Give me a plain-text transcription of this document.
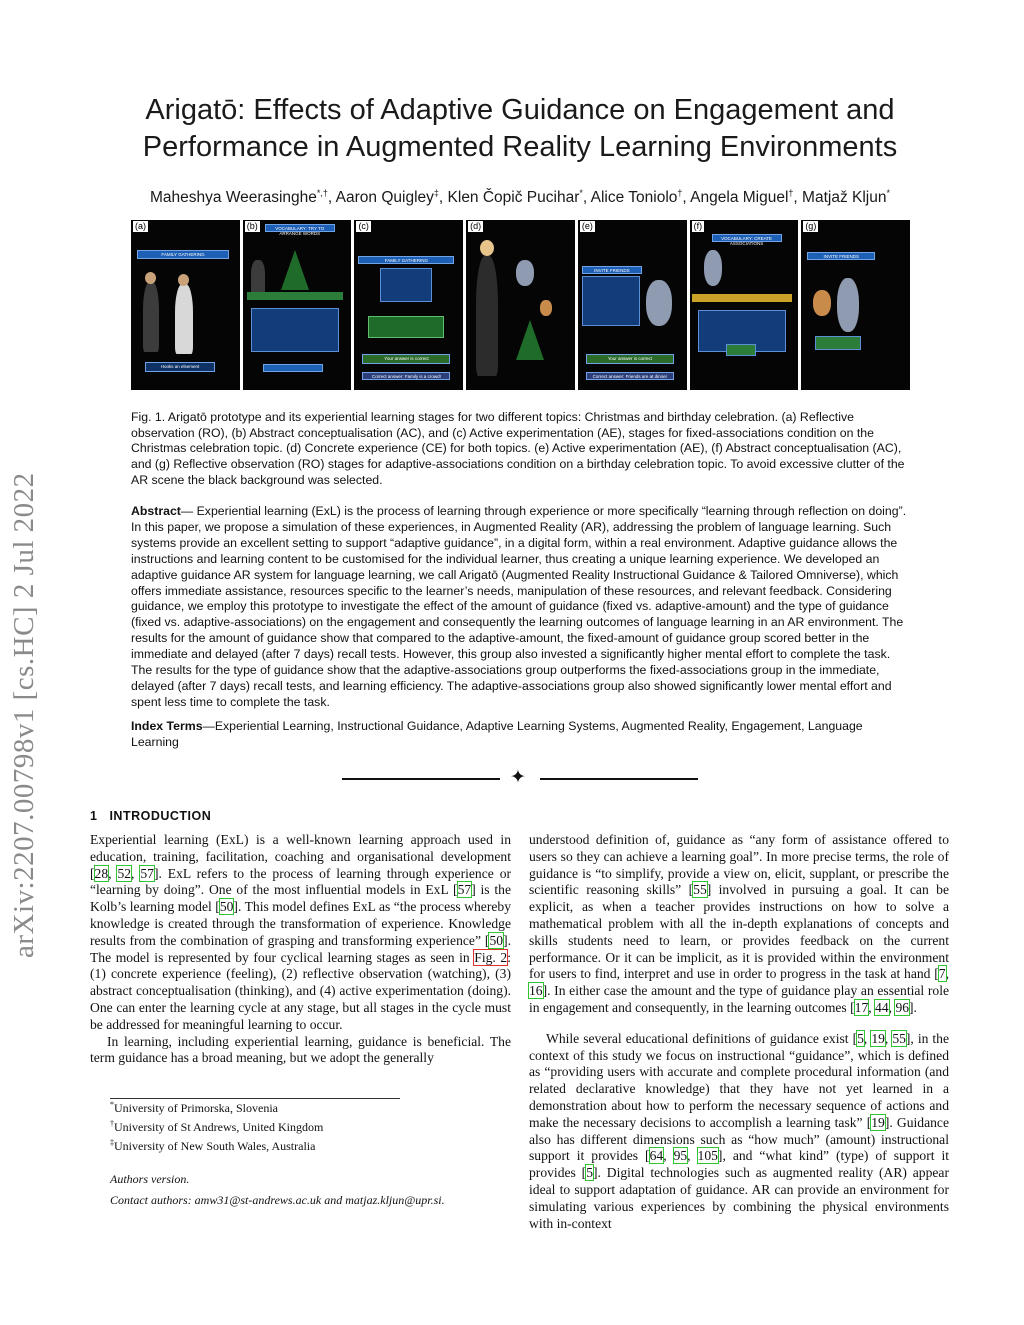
arXiv:2207.00798v1 [cs.HC] 2 Jul 2022
Arigatō: Effects of Adaptive Guidance on Engagement and
Performance in Augmented Reality Learning Environments
Maheshya Weerasinghe*,†, Aaron Quigley‡, Klen Čopič Pucihar*, Alice Toniolo†, Angela Miguel†, Matjaž Kljun*
(a)
FAMILY GATHERING
Hooks an elsement
(b)	VOCABULARY: TRY TO ARRANGE WORDS
(c)
FAMILY GATHERING
Your answer is correct
Correct answer: Family is a crowd!
(d)	(e)
INVITE FRIENDS
Your answer is correct
Correct answer: Friends are at dinner
(f)
VOCABULARY: CREATE ASSOCIATIONS
(g)
INVITE FRIENDS
Fig. 1. Arigatō prototype and its experiential learning stages for two different topics: Christmas and birthday celebration. (a) Reflective observation (RO), (b) Abstract conceptualisation (AC), and (c) Active experimentation (AE), stages for fixed-associations condition on the Christmas celebration topic. (d) Concrete experience (CE) for both topics. (e) Active experimentation (AE), (f) Abstract conceptualisation (AC), and (g) Reflective observation (RO) stages for adaptive-associations condition on a birthday celebration topic. To avoid excessive clutter of the AR scene the black background was selected.
Abstract— Experiential learning (ExL) is the process of learning through experience or more specifically “learning through reflection on doing”. In this paper, we propose a simulation of these experiences, in Augmented Reality (AR), addressing the problem of language learning. Such systems provide an excellent setting to support “adaptive guidance”, in a digital form, within a real environment. Adaptive guidance allows the instructions and learning content to be customised for the individual learner, thus creating a unique learning experience. We developed an adaptive guidance AR system for language learning, we call Arigatō (Augmented Reality Instructional Guidance & Tailored Omniverse), which offers immediate assistance, resources specific to the learner’s needs, manipulation of these resources, and relevant feedback. Considering guidance, we employ this prototype to investigate the effect of the amount of guidance (fixed vs. adaptive-amount) and the type of guidance (fixed vs. adaptive-associations) on the engagement and consequently the learning outcomes of language learning in an AR environment. The results for the amount of guidance show that compared to the adaptive-amount, the fixed-amount of guidance group scored better in the immediate and delayed (after 7 days) recall tests. However, this group also invested a significantly higher mental effort to complete the task. The results for the type of guidance show that the adaptive-associations group outperforms the fixed-associations group in the immediate, delayed (after 7 days) recall tests, and learning efficiency. The adaptive-associations group also showed significantly lower mental effort and spent less time to complete the task.
Index Terms—Experiential Learning, Instructional Guidance, Adaptive Learning Systems, Augmented Reality, Engagement, Language Learning
✦
1 INTRODUCTION

Experiential learning (ExL) is a well-known learning approach used in education, training, facilitation, coaching and organisational development [28, 52, 57]. ExL refers to the process of learning through experience or “learning by doing”. One of the most influential models in ExL [57] is the Kolb’s learning model [50]. This model defines ExL as “the process whereby knowledge is created through the transformation of experience. Knowledge results from the combination of grasping and transforming experience” [50]. The model is represented by four cyclical learning stages as seen in Fig. 2: (1) concrete experience (feeling), (2) reflective observation (watching), (3) abstract conceptualisation (thinking), and (4) active experimentation (doing). One can enter the learning cycle at any stage, but all stages in the cycle must be addressed for meaningful learning to occur.

In learning, including experiential learning, guidance is beneficial. The term guidance has a broad meaning, but we adopt the generally

understood definition of, guidance as “any form of assistance offered to users so they can achieve a learning goal”. In more precise terms, the role of guidance is “to simplify, provide a view on, elicit, supplant, or prescribe the scientific reasoning skills” [55] involved in pursuing a goal. It can be explicit, as when a teacher provides instructions on how to solve a mathematical problem with all the in-depth explanations of concepts and skills students need to learn, or provides feedback on the current performance. Or it can be implicit, as it is provided within the environment for users to find, interpret and use in order to progress in the task at hand [7, 16]. In either case the amount and the type of guidance play an essential role in engagement and consequently, in the learning outcomes [17, 44, 96].

While several educational definitions of guidance exist [5, 19, 55], in the context of this study we focus on instructional “guidance”, which is defined as “providing users with accurate and complete procedural information (and related declarative knowledge) that they have not yet learned in a demonstration about how to perform the necessary sequence of actions and make the necessary decisions to accomplish a learning task” [19]. Guidance also has different dimensions such as “how much” (amount) instructional support it provides [64, 95, 105], and “what kind” (type) of support it provides [5]. Digital technologies such as augmented reality (AR) appear ideal to support adaptation of guidance. AR can provide an environment for simulating various experiences by combining the physical environments with in-context

*University of Primorska, Slovenia
†University of St Andrews, United Kingdom
‡University of New South Wales, Australia
Authors version.
Contact authors: amw31@st-andrews.ac.uk and matjaz.kljun@upr.si.
